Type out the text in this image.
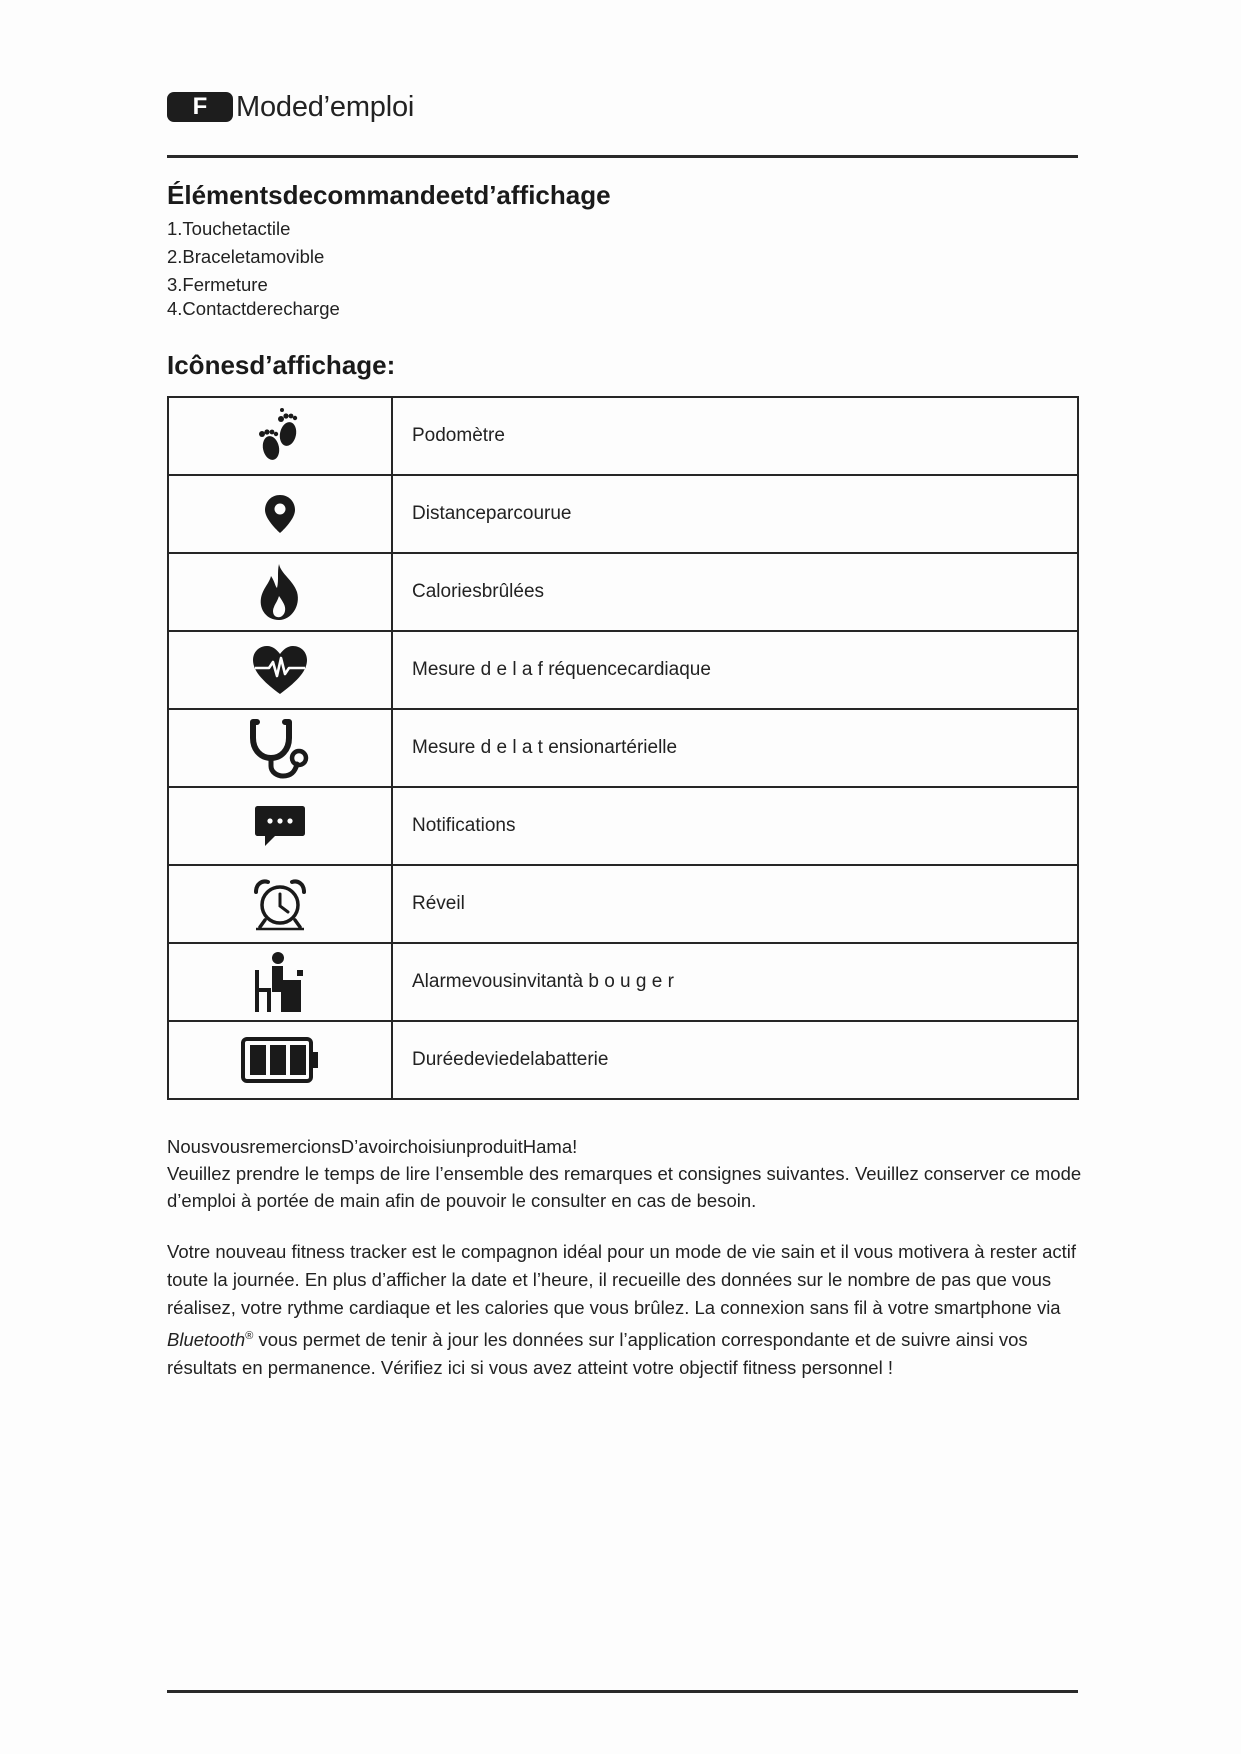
F Moded’emploi
Élémentsdecommandeetd’affichage
1.Touchetactile
2.Braceletamovible
3.Fermeture
4.Contactderecharge
Icônesd’affichage:
	Podomètre
	Distanceparcourue
	Caloriesbrûlées
	Mesure d e l a f réquencecardiaque
	Mesure d e l a t ensionartérielle
	Notifications
	Réveil
	Alarmevousinvitantà b o u g e r
	Duréedeviedelabatterie

NousvousremercionsD’avoirchoisiunproduitHama!

Veuillez prendre le temps de lire l’ensemble des remarques et consignes suivantes. Veuillez conserver ce mode d’emploi à portée de main afin de pouvoir le consulter en cas de besoin.

Votre nouveau fitness tracker est le compagnon idéal pour un mode de vie sain et il vous motivera à rester actif toute la journée. En plus d’afficher la date et l’heure, il recueille des données sur le nombre de pas que vous réalisez, votre rythme cardiaque et les calories que vous brûlez. La connexion sans fil à votre smartphone via Bluetooth® vous permet de tenir à jour les données sur l’application correspondante et de suivre ainsi vos résultats en permanence. Vérifiez ici si vous avez atteint votre objectif fitness personnel !
